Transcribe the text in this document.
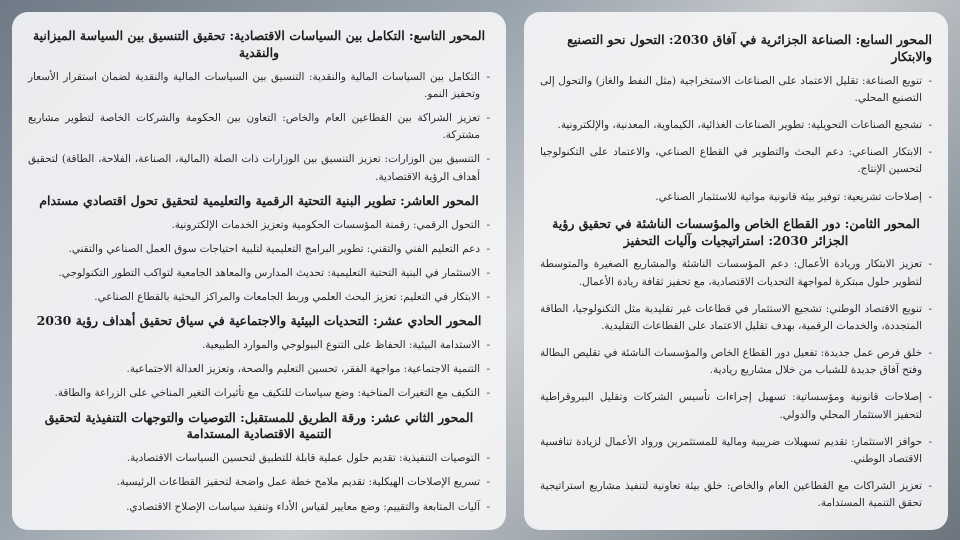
المحور السابع: الصناعة الجزائرية في آفاق 2030: التحول نحو التصنيع والابتكار
- تنويع الصناعة: تقليل الاعتماد على الصناعات الاستخراجية (مثل النفط والغاز) والتحول إلى التصنيع المحلي.
- تشجيع الصناعات التحويلية: تطوير الصناعات الغذائية، الكيماوية، المعدنية، والإلكترونية.
- الابتكار الصناعي: دعم البحث والتطوير في القطاع الصناعي، والاعتماد على التكنولوجيا لتحسين الإنتاج.
- إصلاحات تشريعية: توفير بيئة قانونية مواتية للاستثمار الصناعي.
المحور الثامن: دور القطاع الخاص والمؤسسات الناشئة في تحقيق رؤية الجزائر 2030: استراتيجيات وآليات التحفيز
- تعزيز الابتكار وريادة الأعمال: دعم المؤسسات الناشئة والمشاريع الصغيرة والمتوسطة لتطوير حلول مبتكرة لمواجهة التحديات الاقتصادية، مع تحفيز ثقافة ريادة الأعمال.
- تنويع الاقتصاد الوطني: تشجيع الاستثمار في قطاعات غير تقليدية مثل التكنولوجيا، الطاقة المتجددة، والخدمات الرقمية، بهدف تقليل الاعتماد على القطاعات التقليدية.
- خلق فرص عمل جديدة: تفعيل دور القطاع الخاص والمؤسسات الناشئة في تقليص البطالة وفتح آفاق جديدة للشباب من خلال مشاريع ريادية.
- إصلاحات قانونية ومؤسساتية: تسهيل إجراءات تأسيس الشركات وتقليل البيروقراطية لتحفيز الاستثمار المحلي والدولي.
- حوافز الاستثمار: تقديم تسهيلات ضريبية ومالية للمستثمرين ورواد الأعمال لزيادة تنافسية الاقتصاد الوطني.
- تعزيز الشراكات مع القطاعين العام والخاص: خلق بيئة تعاونية لتنفيذ مشاريع استراتيجية تحقق التنمية المستدامة.
المحور التاسع: التكامل بين السياسات الاقتصادية: تحقيق التنسيق بين السياسة الميزانية والنقدية
- التكامل بين السياسات المالية والنقدية: التنسيق بين السياسات المالية والنقدية لضمان استقرار الأسعار وتحفيز النمو.
- تعزيز الشراكة بين القطاعين العام والخاص: التعاون بين الحكومة والشركات الخاصة لتطوير مشاريع مشتركة.
- التنسيق بين الوزارات: تعزيز التنسيق بين الوزارات ذات الصلة (المالية، الصناعة، الفلاحة، الطاقة) لتحقيق أهداف الرؤية الاقتصادية.
المحور العاشر: تطوير البنية التحتية الرقمية والتعليمية لتحقيق تحول اقتصادي مستدام
- التحول الرقمي: رقمنة المؤسسات الحكومية وتعزيز الخدمات الإلكترونية.
- دعم التعليم الفني والتقني: تطوير البرامج التعليمية لتلبية احتياجات سوق العمل الصناعي والتقني.
- الاستثمار في البنية التحتية التعليمية: تحديث المدارس والمعاهد الجامعية لتواكب التطور التكنولوجي.
- الابتكار في التعليم: تعزيز البحث العلمي وربط الجامعات والمراكز البحثية بالقطاع الصناعي.
المحور الحادي عشر: التحديات البيئية والاجتماعية في سياق تحقيق أهداف رؤية 2030
- الاستدامة البيئية: الحفاظ على التنوع البيولوجي والموارد الطبيعية.
- التنمية الاجتماعية: مواجهة الفقر، تحسين التعليم والصحة، وتعزيز العدالة الاجتماعية.
- التكيف مع التغيرات المناخية: وضع سياسات للتكيف مع تأثيرات التغير المناخي على الزراعة والطاقة.
المحور الثاني عشر: ورقة الطريق للمستقبل: التوصيات والتوجهات التنفيذية لتحقيق التنمية الاقتصادية المستدامة
- التوصيات التنفيذية: تقديم حلول عملية قابلة للتطبيق لتحسين السياسات الاقتصادية.
- تسريع الإصلاحات الهيكلية: تقديم ملامح خطة عمل واضحة لتحفيز القطاعات الرئيسية.
- آليات المتابعة والتقييم: وضع معايير لقياس الأداء وتنفيذ سياسات الإصلاح الاقتصادي.
